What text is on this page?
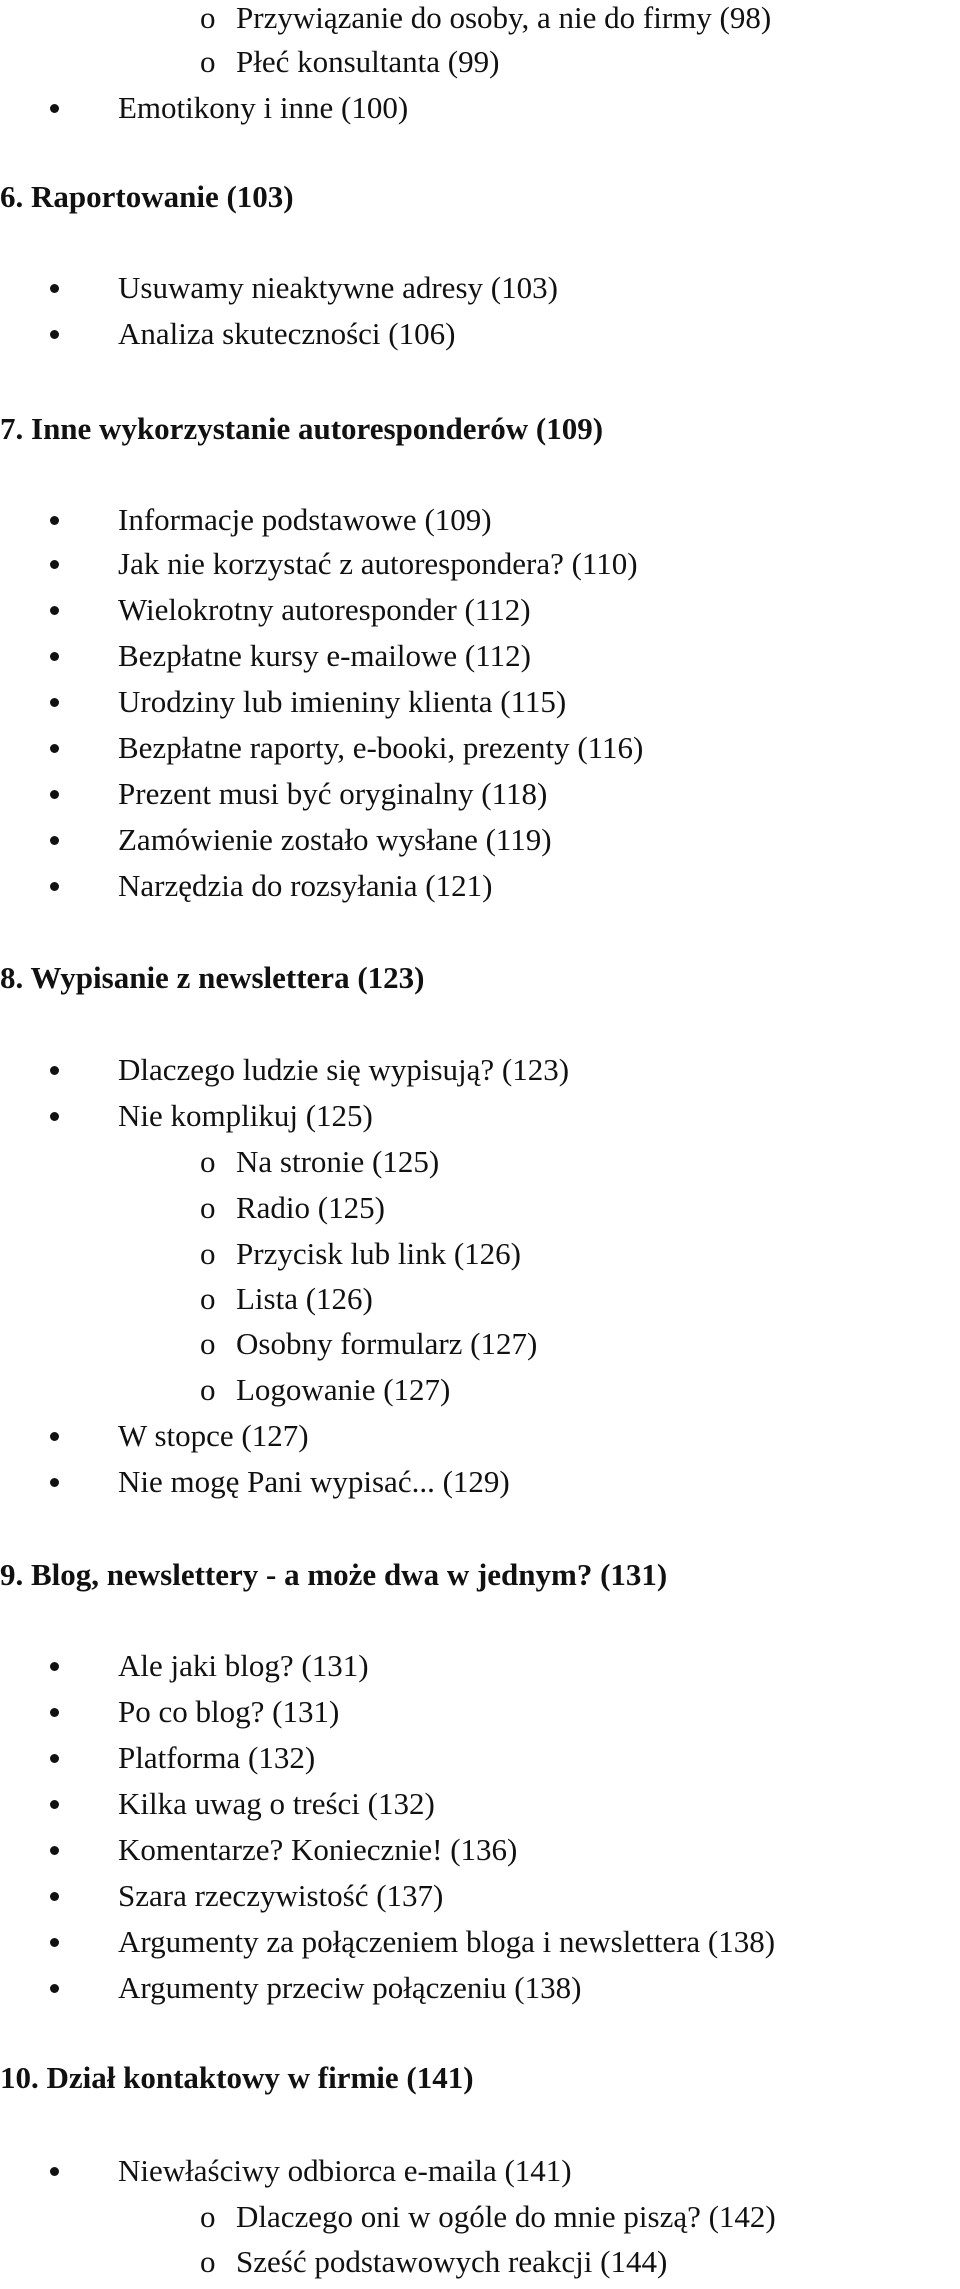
o Przywiązanie do osoby, a nie do firmy (98)
o Płeć konsultanta (99)
Emotikony i inne (100)
6. Raportowanie (103)
Usuwamy nieaktywne adresy (103)
Analiza skuteczności (106)
7. Inne wykorzystanie autoresponderów (109)
Informacje podstawowe (109)
Jak nie korzystać z autorespondera? (110)
Wielokrotny autoresponder (112)
Bezpłatne kursy e-mailowe (112)
Urodziny lub imieniny klienta (115)
Bezpłatne raporty, e-booki, prezenty (116)
Prezent musi być oryginalny (118)
Zamówienie zostało wysłane (119)
Narzędzia do rozsyłania (121)
8. Wypisanie z newslettera (123)
Dlaczego ludzie się wypisują? (123)
Nie komplikuj (125)
o Na stronie (125)
o Radio (125)
o Przycisk lub link (126)
o Lista (126)
o Osobny formularz (127)
o Logowanie (127)
W stopce (127)
Nie mogę Pani wypisać... (129)
9. Blog, newslettery - a może dwa w jednym? (131)
Ale jaki blog? (131)
Po co blog? (131)
Platforma (132)
Kilka uwag o treści (132)
Komentarze? Koniecznie! (136)
Szara rzeczywistość (137)
Argumenty za połączeniem bloga i newslettera (138)
Argumenty przeciw połączeniu (138)
10. Dział kontaktowy w firmie (141)
Niewłaściwy odbiorca e-maila (141)
o Dlaczego oni w ogóle do mnie piszą? (142)
o Sześć podstawowych reakcji (144)
